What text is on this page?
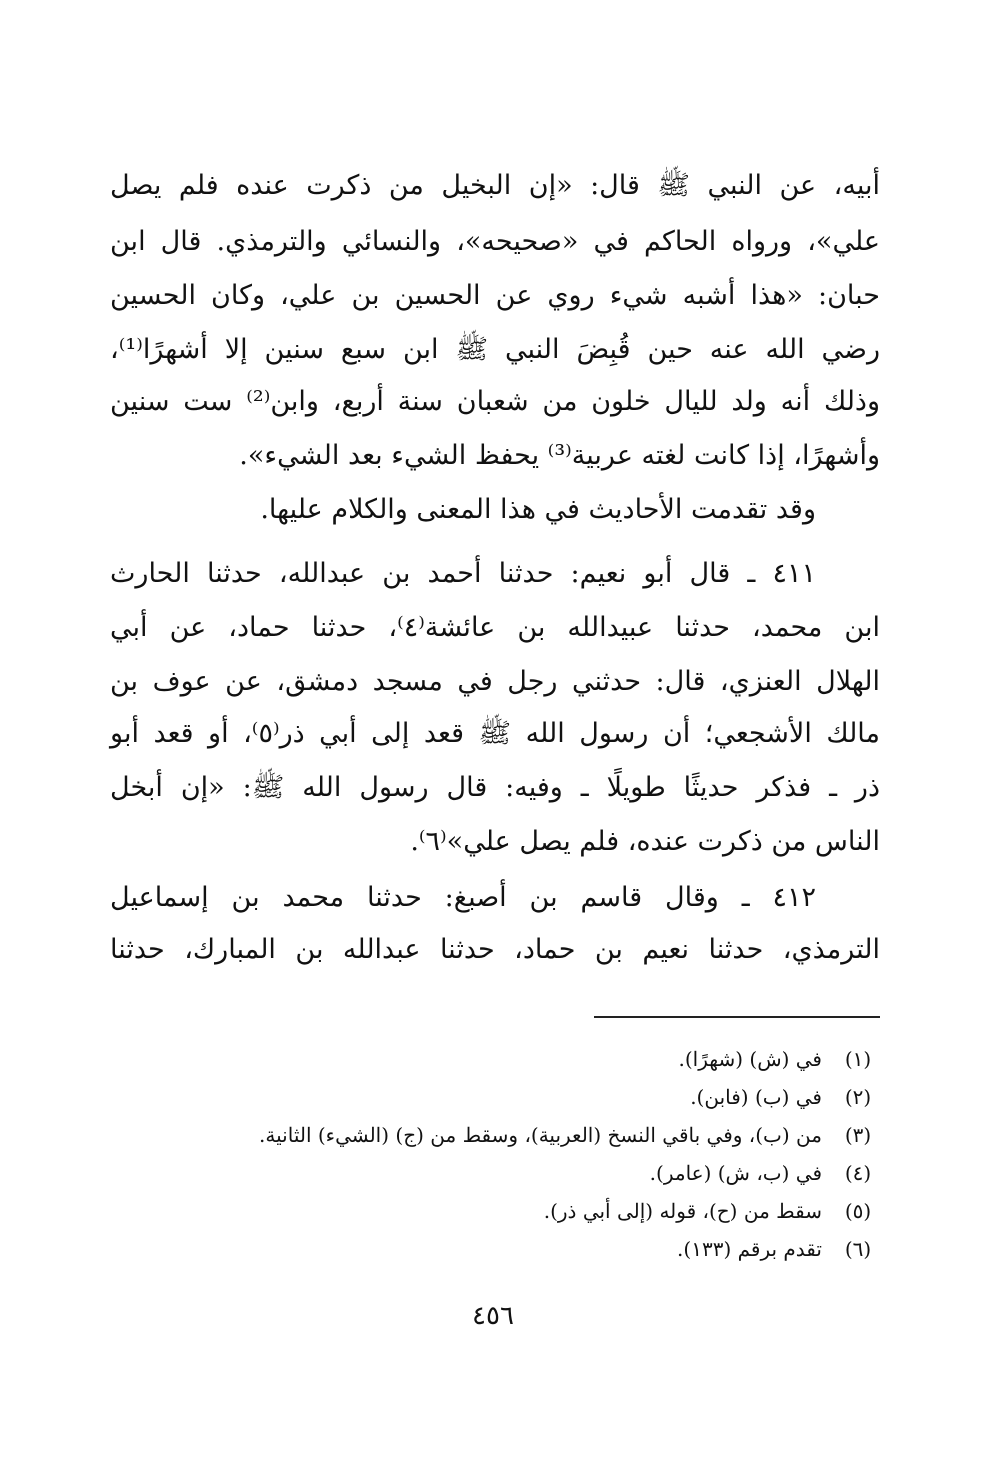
أبيه، عن النبي ﷺ قال: «إن البخيل من ذكرت عنده فلم يصل
علي»، ورواه الحاكم في «صحيحه»، والنسائي والترمذي. قال ابن
حبان: «هذا أشبه شيء روي عن الحسين بن علي، وكان الحسين
رضي الله عنه حين قُبِضَ النبي ﷺ ابن سبع سنين إلا أشهرًا⁽¹⁾،
وذلك أنه ولد لليال خلون من شعبان سنة أربع، وابن⁽²⁾ ست سنين
وأشهرًا، إذا كانت لغته عربية⁽³⁾ يحفظ الشيء بعد الشيء».
وقد تقدمت الأحاديث في هذا المعنى والكلام عليها.
٤١١ ـ قال أبو نعيم: حدثنا أحمد بن عبدالله، حدثنا الحارث
ابن محمد، حدثنا عبيدالله بن عائشة⁽٤⁾، حدثنا حماد، عن أبي
الهلال العنزي، قال: حدثني رجل في مسجد دمشق، عن عوف بن
مالك الأشجعي؛ أن رسول الله ﷺ قعد إلى أبي ذر⁽٥⁾، أو قعد أبو
ذر ـ فذكر حديثًا طويلًا ـ وفيه: قال رسول الله ﷺ: «إن أبخل
الناس من ذكرت عنده، فلم يصل علي»⁽٦⁾.
٤١٢ ـ وقال قاسم بن أصبغ: حدثنا محمد بن إسماعيل
الترمذي، حدثنا نعيم بن حماد، حدثنا عبدالله بن المبارك، حدثنا
(١)
في (ش) (شهرًا).
(٢)
في (ب) (فابن).
(٣)
من (ب)، وفي باقي النسخ (العربية)، وسقط من (ج) (الشيء) الثانية.
(٤)
في (ب، ش) (عامر).
(٥)
سقط من (ح)، قوله (إلى أبي ذر).
(٦)
تقدم برقم (١٣٣).
٤٥٦
